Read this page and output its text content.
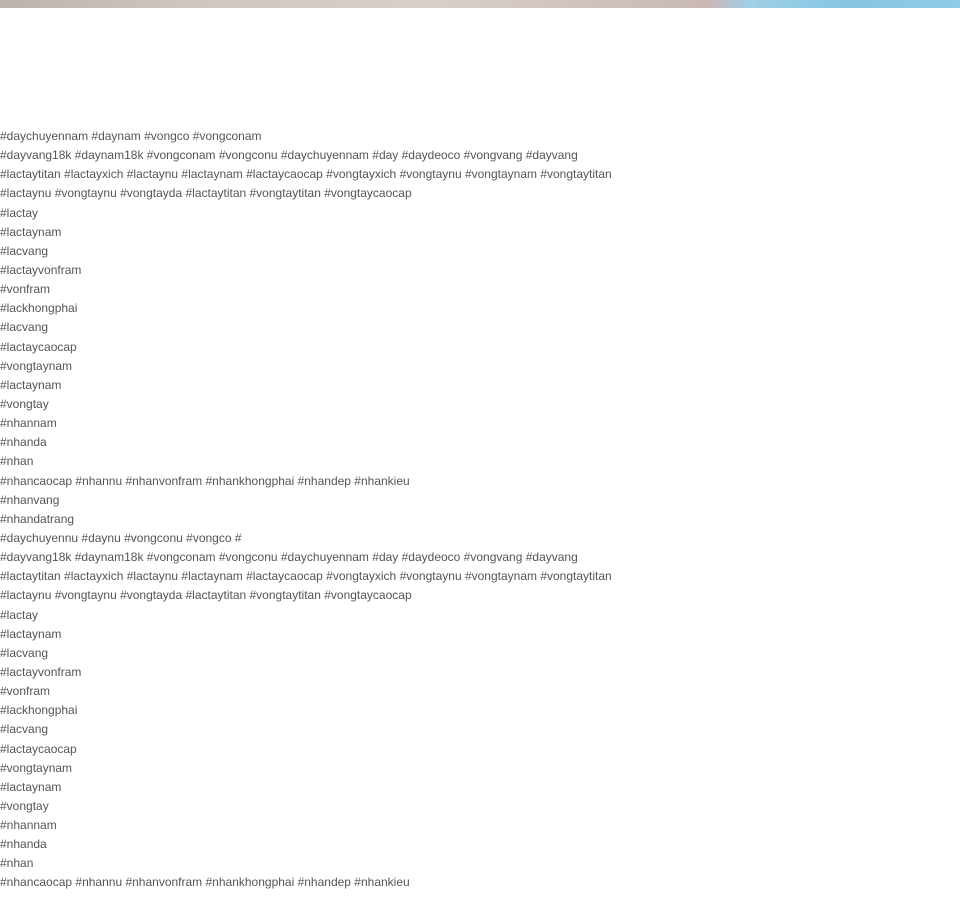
#daychuyennam #daynam #vongco #vongconam
#dayvang18k #daynam18k #vongconam #vongconu #daychuyennam #day #daydeoco #vongvang #dayvang
#lactaytitan #lactayxich #lactaynu #lactaynam #lactaycaocap #vongtayxich #vongtaynu #vongtaynam #vongtaytitan
#lactaynu #vongtaynu #vongtayda #lactaytitan #vongtaytitan #vongtaycaocap
#lactay
#lactaynam
#lacvang
#lactayvonfram
#vonfram
#lackhongphai
#lacvang
#lactaycaocap
#vongtaynam
#lactaynam
#vongtay
#nhannam
#nhanda
#nhan
#nhancaocap #nhannu #nhanvonfram #nhankhongphai #nhandep #nhankieu
#nhanvang
#nhandatrang
#daychuyennu #daynu #vongconu #vongco #
#dayvang18k #daynam18k #vongconam #vongconu #daychuyennam #day #daydeoco #vongvang #dayvang
#lactaytitan #lactayxich #lactaynu #lactaynam #lactaycaocap #vongtayxich #vongtaynu #vongtaynam #vongtaytitan
#lactaynu #vongtaynu #vongtayda #lactaytitan #vongtaytitan #vongtaycaocap
#lactay
#lactaynam
#lacvang
#lactayvonfram
#vonfram
#lackhongphai
#lacvang
#lactaycaocap
#vongtaynam
#lactaynam
#vongtay
#nhannam
#nhanda
#nhan
#nhancaocap #nhannu #nhanvonfram #nhankhongphai #nhandep #nhankieu
